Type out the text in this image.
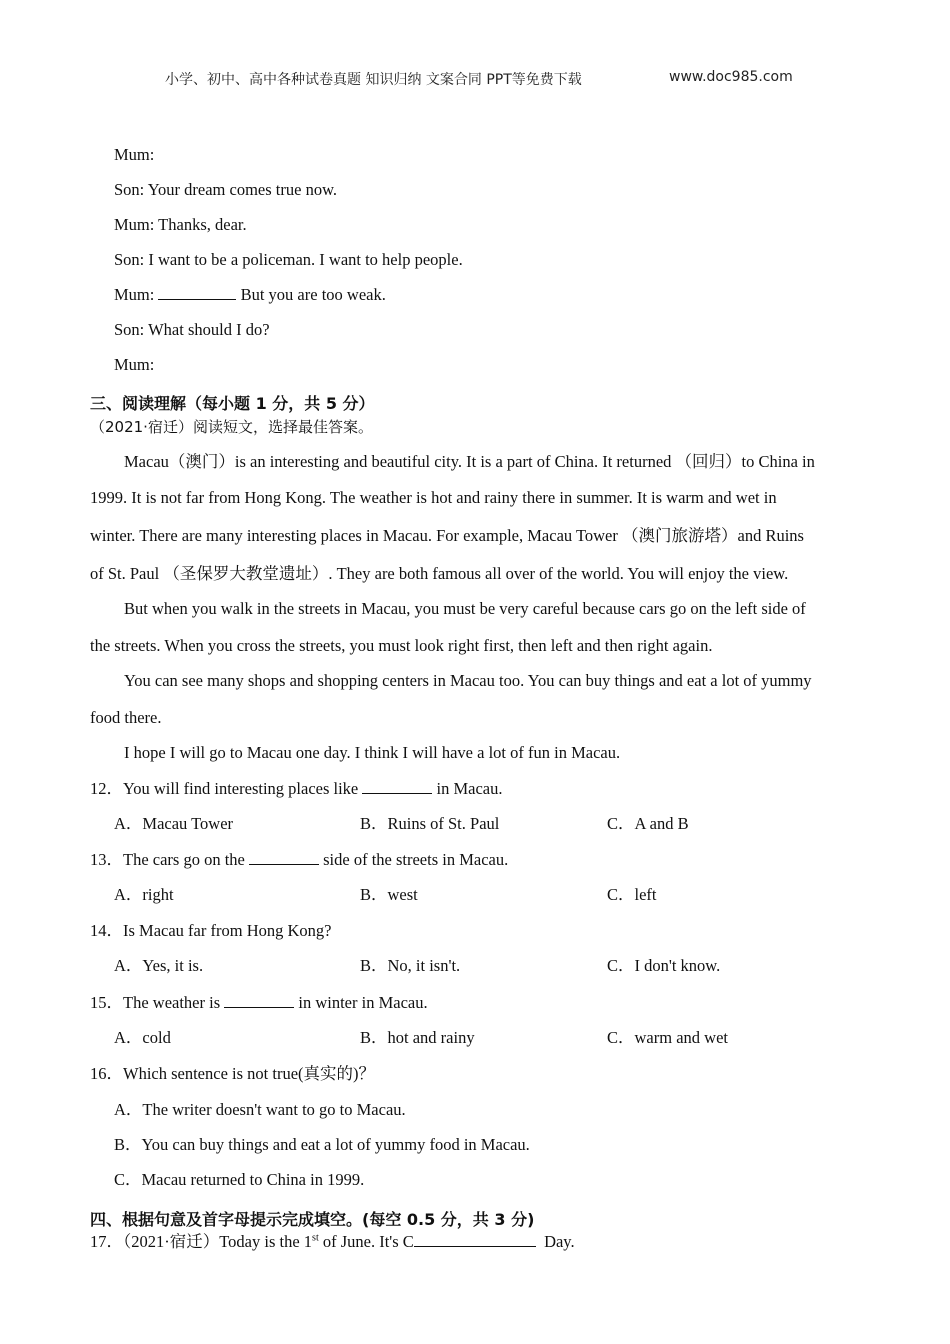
小学、初中、高中各种试卷真题 知识归纳 文案合同 PPT等免费下载	www.doc985.com
Mum:
Son: Your dream comes true now.
Mum: Thanks, dear.
Son: I want to be a policeman. I want to help people.
Mum:	But you are too weak.
Son: What should I do?
Mum:
三、阅读理解（每小题 1 分，共 5 分）
（2021·宿迁）阅读短文，选择最佳答案。
Macau（澳门）is an interesting and beautiful city. It is a part of China. It returned （回归）to China in
1999. It is not far from Hong Kong. The weather is hot and rainy there in summer. It is warm and wet in
winter. There are many interesting places in Macau. For example, Macau Tower （澳门旅游塔）and Ruins
of St. Paul （圣保罗大教堂遗址）. They are both famous all over of the world. You will enjoy the view.
But when you walk in the streets in Macau, you must be very careful because cars go on the left side of
the streets. When you cross the streets, you must look right first, then left and then right again.
You can see many shops and shopping centers in Macau too. You can buy things and eat a lot of yummy
food there.
I hope I will go to Macau one day. I think I will have a lot of fun in Macau.
12．You will find interesting places like	in Macau.
A．Macau Tower	B．Ruins of St. Paul	C．A and B
13．The cars go on the	side of the streets in Macau.
A．right	B．west	C．left
14．Is Macau far from Hong Kong?
A．Yes, it is.	B．No, it isn't.	C．I don't know.
15．The weather is	in winter in Macau.
A．cold	B．hot and rainy	C．warm and wet
16．Which sentence is not true(真实的)？
A．The writer doesn't want to go to Macau.
B．You can buy things and eat a lot of yummy food in Macau.
C．Macau returned to China in 1999.
四、根据句意及首字母提示完成填空。(每空 0.5 分，共 3 分)
17．（2021·宿迁）Today is the 1st of June. It's C	Day.
